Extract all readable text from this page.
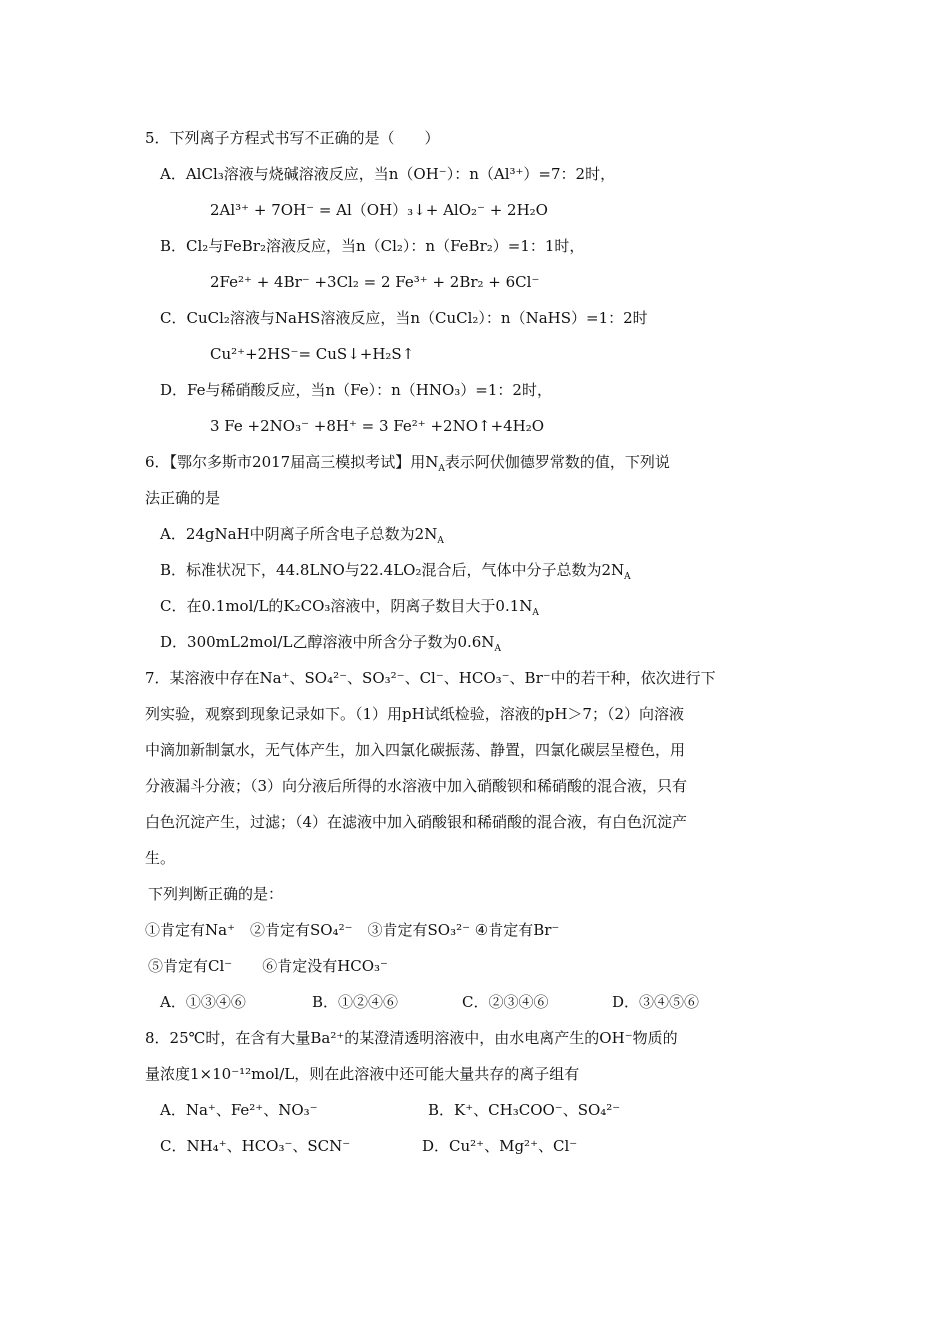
5．下列离子方程式书写不正确的是（　　）
A．AlCl₃溶液与烧碱溶液反应，当n（OH⁻）：n（Al³⁺）=7：2时，
2Al³⁺ + 7OH⁻ = Al（OH）₃↓+ AlO₂⁻ + 2H₂O
B．Cl₂与FeBr₂溶液反应，当n（Cl₂）：n（FeBr₂）=1：1时，
2Fe²⁺ + 4Br⁻ +3Cl₂ = 2 Fe³⁺ + 2Br₂ + 6Cl⁻
C．CuCl₂溶液与NaHS溶液反应，当n（CuCl₂）：n（NaHS）=1：2时
Cu²⁺+2HS⁻= CuS↓+H₂S↑
D．Fe与稀硝酸反应，当n（Fe）：n（HNO₃）=1：2时，
3 Fe +2NO₃⁻ +8H⁺ = 3 Fe²⁺ +2NO↑+4H₂O
6．【鄂尔多斯市2017届高三模拟考试】用$N_A$表示阿伏伽德罗常数的值，下列说
法正确的是
A．24gNaH中阴离子所含电子总数为$2N_A$
B．标准状况下，44.8LNO与22.4LO₂混合后，气体中分子总数为$2N_A$
C．在0.1mol/L的K₂CO₃溶液中，阴离子数目大于$0.1N_A$
D．300mL2mol/L乙醇溶液中所含分子数为$0.6N_A$
7．某溶液中存在Na⁺、SO₄²⁻、SO₃²⁻、Cl⁻、HCO₃⁻、Br⁻中的若干种，依次进行下
列实验，观察到现象记录如下。（1）用pH试纸检验，溶液的pH＞7；（2）向溶液
中滴加新制氯水，无气体产生，加入四氯化碳振荡、静置，四氯化碳层呈橙色，用
分液漏斗分液；（3）向分液后所得的水溶液中加入硝酸钡和稀硝酸的混合液，只有
白色沉淀产生，过滤；（4）在滤液中加入硝酸银和稀硝酸的混合液，有白色沉淀产
生。
下列判断正确的是：
①肯定有Na⁺　②肯定有SO₄²⁻　③肯定有SO₃²⁻ ④肯定有Br⁻
⑤肯定有Cl⁻　　⑥肯定没有HCO₃⁻
A．①③④⑥	B．①②④⑥	C．②③④⑥	D．③④⑤⑥
8．25℃时，在含有大量Ba²⁺的某澄清透明溶液中，由水电离产生的OH⁻物质的
量浓度1×10⁻¹²mol/L，则在此溶液中还可能大量共存的离子组有
A．Na⁺、Fe²⁺、NO₃⁻	B．K⁺、CH₃COO⁻、SO₄²⁻
C．NH₄⁺、HCO₃⁻、SCN⁻	D．Cu²⁺、Mg²⁺、Cl⁻
